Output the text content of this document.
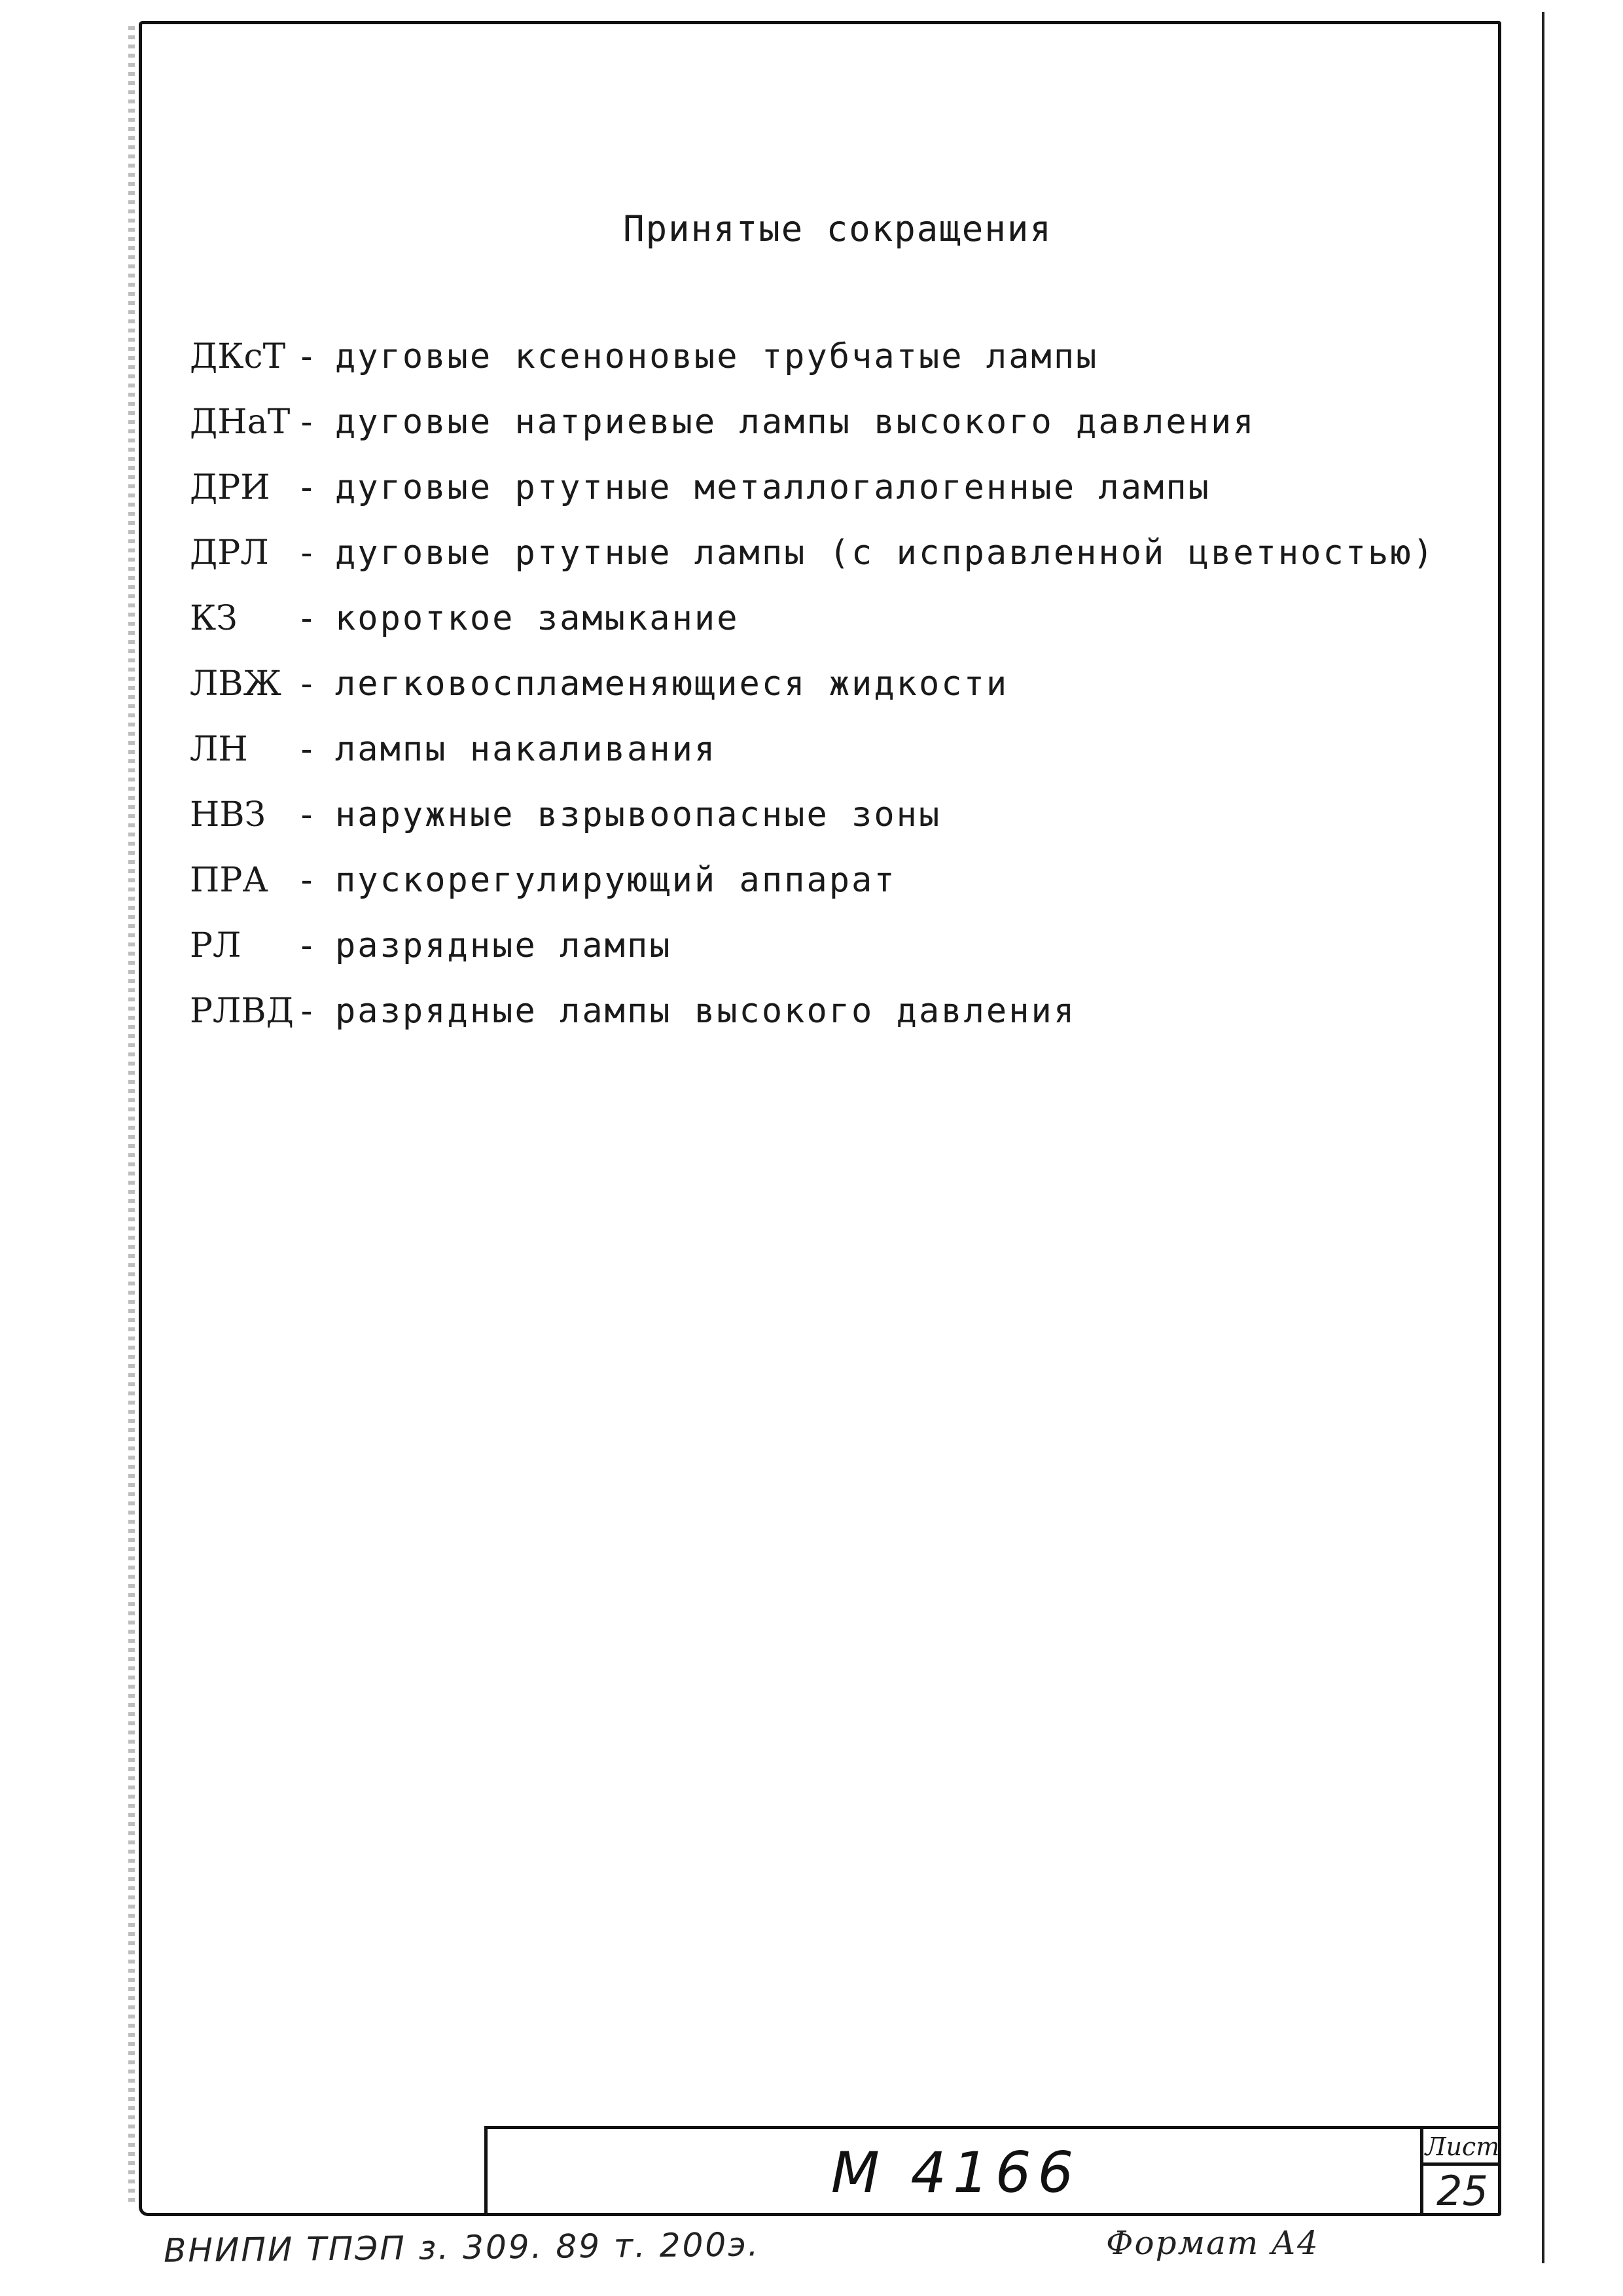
Принятые сокращения
ДКсТ - дуговые ксеноновые трубчатые лампы
ДНаТ - дуговые натриевые лампы высокого давления
ДРИ - дуговые ртутные металлогалогенные лампы
ДРЛ - дуговые ртутные лампы (с исправленной цветностью)
КЗ	- короткое замыкание
ЛВЖ - легковоспламеняющиеся жидкости
ЛН	- лампы накаливания
НВЗ - наружные взрывоопасные зоны
ПРА - пускорегулирующий аппарат
РЛ	- разрядные лампы
РЛВД - разрядные лампы высокого давления
М 4166	Лист
25
ВНИПИ ТПЭП з. 309. 89 т. 200э.	Формат А4
